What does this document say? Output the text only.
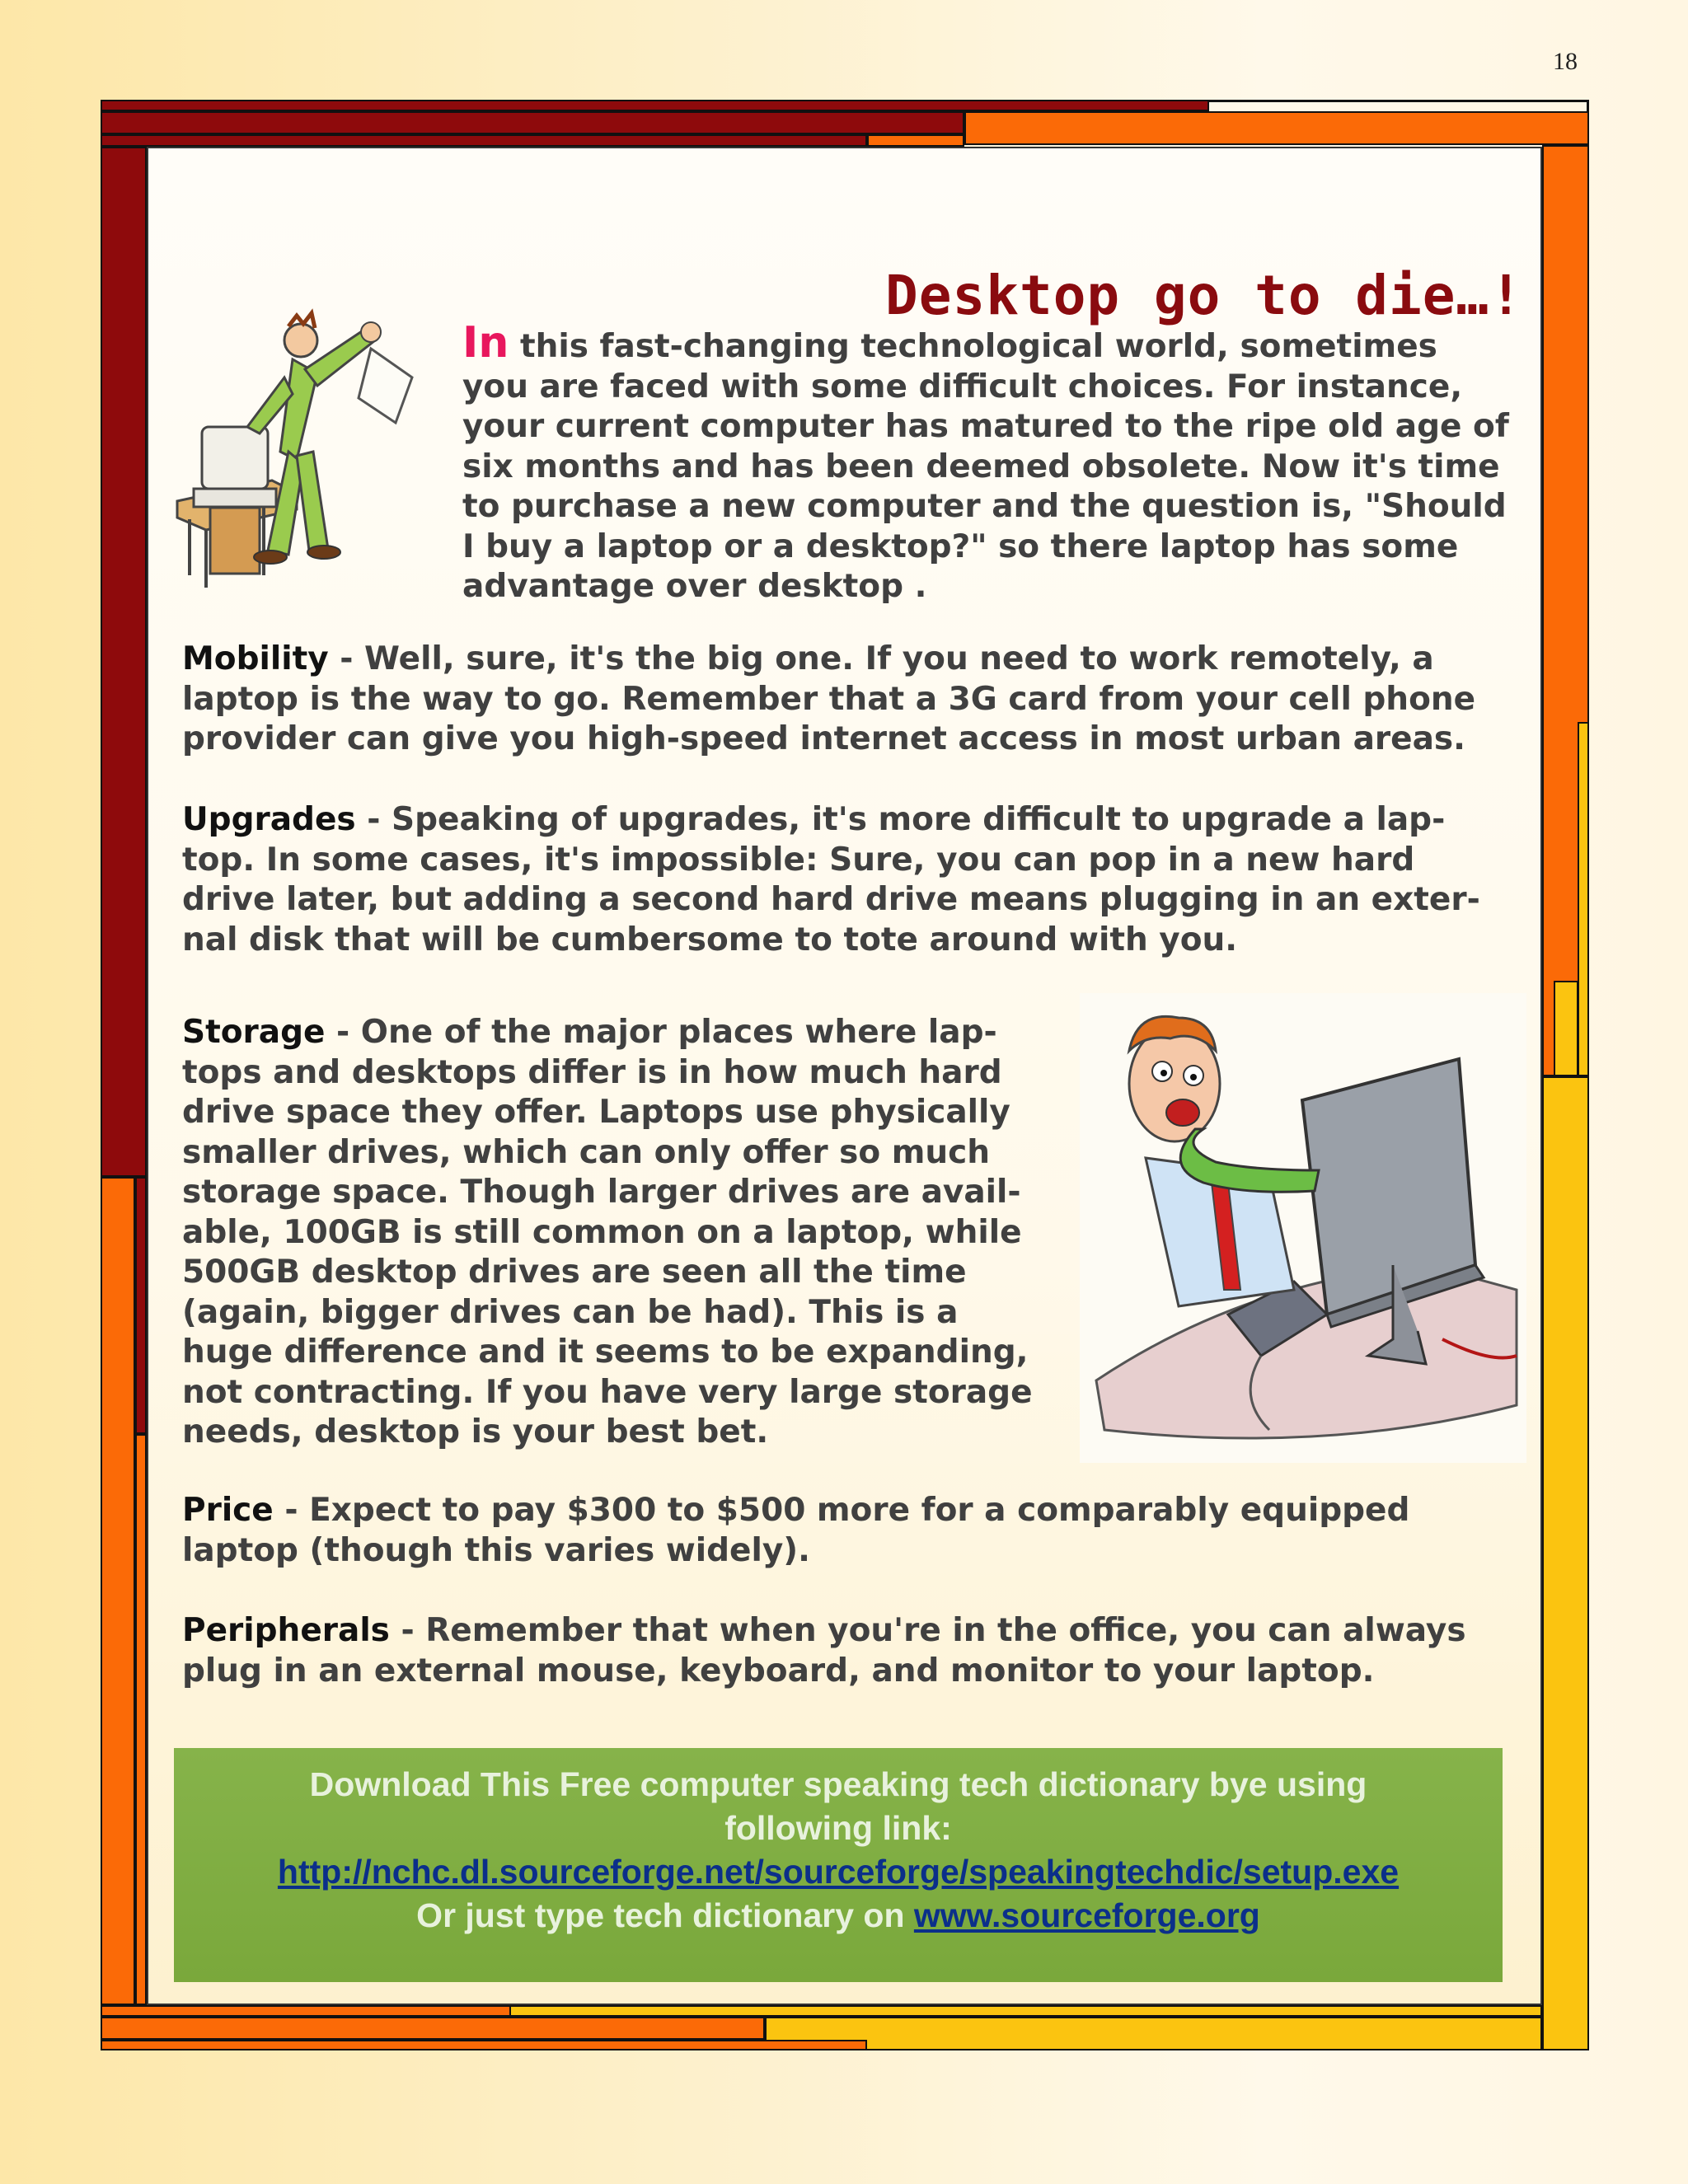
18
Desktop go to die…!

In this fast-changing technological world, sometimes you are faced with some difficult choices. For instance, your current computer has matured to the ripe old age of six months and has been deemed obsolete. Now it's time to purchase a new computer and the question is, "Should I buy a laptop or a desktop?" so there laptop has some advantage over desktop .

Mobility - Well, sure, it's the big one. If you need to work remotely, a laptop is the way to go. Remember that a 3G card from your cell phone provider can give you high-speed internet access in most urban areas.

Upgrades - Speaking of upgrades, it's more difficult to upgrade a lap-top. In some cases, it's impossible: Sure, you can pop in a new hard drive later, but adding a second hard drive means plugging in an exter-nal disk that will be cumbersome to tote around with you.

Storage - One of the major places where lap-tops and desktops differ is in how much hard drive space they offer. Laptops use physically smaller drives, which can only offer so much storage space. Though larger drives are avail-able, 100GB is still common on a laptop, while 500GB desktop drives are seen all the time (again, bigger drives can be had). This is a huge difference and it seems to be expanding, not contracting. If you have very large storage needs, desktop is your best bet.

Price - Expect to pay $300 to $500 more for a comparably equipped laptop (though this varies widely).

Peripherals - Remember that when you're in the office, you can always plug in an external mouse, keyboard, and monitor to your laptop.

Download This Free computer speaking tech dictionary bye using
following link:
http://nchc.dl.sourceforge.net/sourceforge/speakingtechdic/setup.exe
Or just type tech dictionary on www.sourceforge.org
